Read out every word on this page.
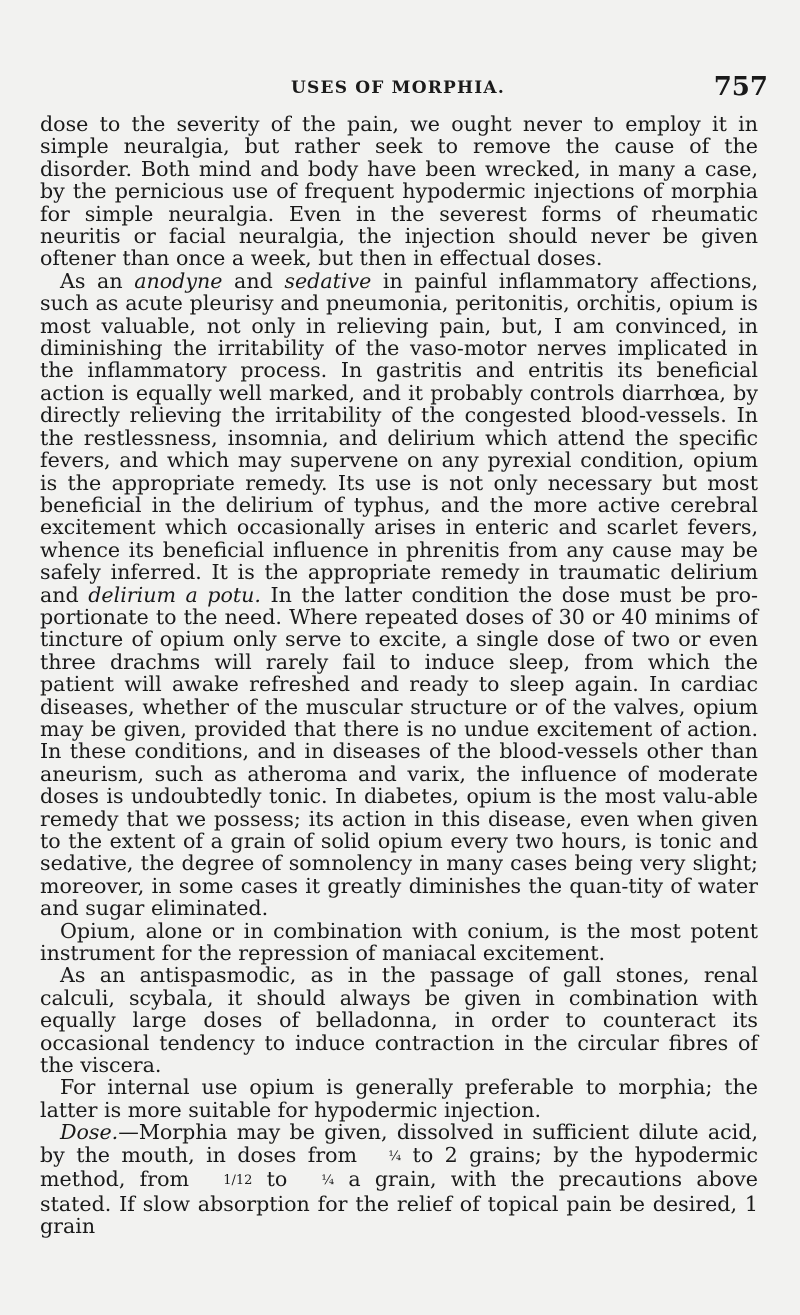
USES OF MORPHIA.	757

dose to the severity of the pain, we ought never to employ it in simple neuralgia, but rather seek to remove the cause of the disorder. Both mind and body have been wrecked, in many a case, by the pernicious use of frequent hypodermic injections of morphia for simple neuralgia. Even in the severest forms of rheumatic neuritis or facial neuralgia, the injection should never be given oftener than once a week, but then in effectual doses.

As an anodyne and sedative in painful inflammatory affections, such as acute pleurisy and pneumonia, peritonitis, orchitis, opium is most valuable, not only in relieving pain, but, I am convinced, in diminishing the irritability of the vaso-motor nerves implicated in the inflammatory process. In gastritis and entritis its beneficial action is equally well marked, and it probably controls diarrhœa, by directly relieving the irritability of the congested blood-vessels. In the restlessness, insomnia, and delirium which attend the specific fevers, and which may supervene on any pyrexial condition, opium is the appropriate remedy. Its use is not only necessary but most beneficial in the delirium of typhus, and the more active cerebral excitement which occasionally arises in enteric and scarlet fevers, whence its beneficial influence in phrenitis from any cause may be safely inferred. It is the appropriate remedy in traumatic delirium and delirium a potu. In the latter condition the dose must be pro-portionate to the need. Where repeated doses of 30 or 40 minims of tincture of opium only serve to excite, a single dose of two or even three drachms will rarely fail to induce sleep, from which the patient will awake refreshed and ready to sleep again. In cardiac diseases, whether of the muscular structure or of the valves, opium may be given, provided that there is no undue excitement of action. In these conditions, and in diseases of the blood-vessels other than aneurism, such as atheroma and varix, the influence of moderate doses is undoubtedly tonic. In diabetes, opium is the most valu-able remedy that we possess; its action in this disease, even when given to the extent of a grain of solid opium every two hours, is tonic and sedative, the degree of somnolency in many cases being very slight; moreover, in some cases it greatly diminishes the quan-tity of water and sugar eliminated.

Opium, alone or in combination with conium, is the most potent instrument for the repression of maniacal excitement.

As an antispasmodic, as in the passage of gall stones, renal calculi, scybala, it should always be given in combination with equally large doses of belladonna, in order to counteract its occasional tendency to induce contraction in the circular fibres of the viscera.

For internal use opium is generally preferable to morphia; the latter is more suitable for hypodermic injection.

Dose.—Morphia may be given, dissolved in sufficient dilute acid, by the mouth, in doses from ¼ to 2 grains; by the hypodermic method, from 1/12 to ¼ a grain, with the precautions above stated. If slow absorption for the relief of topical pain be desired, 1 grain
